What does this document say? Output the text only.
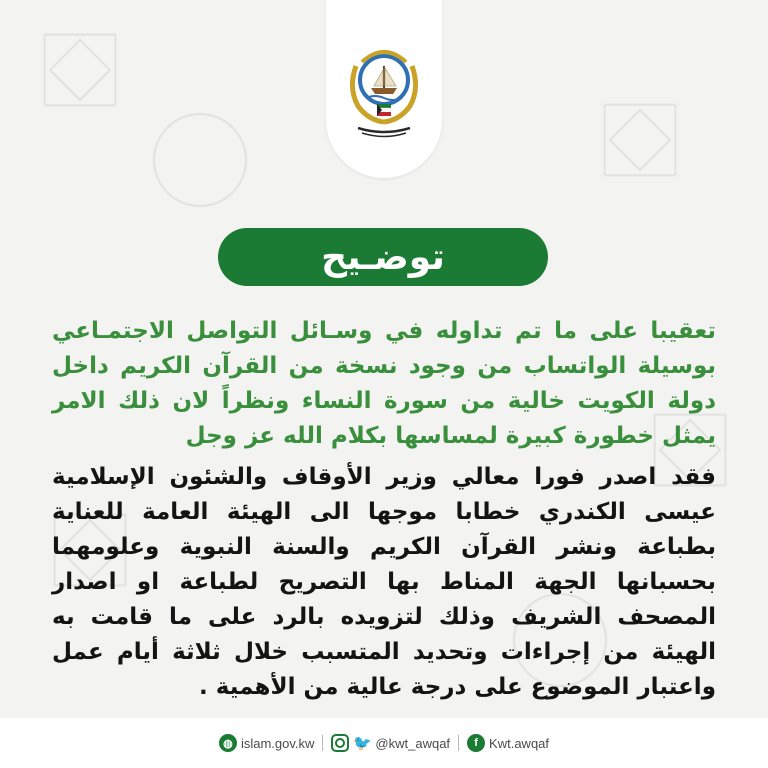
توضـيح

تعقيبا على ما تم تداوله في وسـائل التواصل الاجتمـاعي بوسيلة الواتساب من وجود نسخة من القرآن الكريم داخل دولة الكويت خالية من سورة النساء ونظراً لان ذلك الامر يمثل خطورة كبيرة لمساسها بكلام الله عز وجل

فقد اصدر فورا معالي وزير الأوقاف والشئون الإسلامية عيسى الكندري خطابا موجها الى الهيئة العامة للعناية بطباعة ونشر القرآن الكريم والسنة النبوية وعلومهما بحسبانها الجهة المناط بها التصريح لطباعة او اصدار المصحف الشريف وذلك لتزويده بالرد على ما قامت به الهيئة من إجراءات وتحديد المتسبب خلال ثلاثة أيام عمل واعتبار الموضوع على درجة عالية من الأهمية .

◍ islam.gov.kw	🐦 @kwt_awqaf	f Kwt.awqaf
